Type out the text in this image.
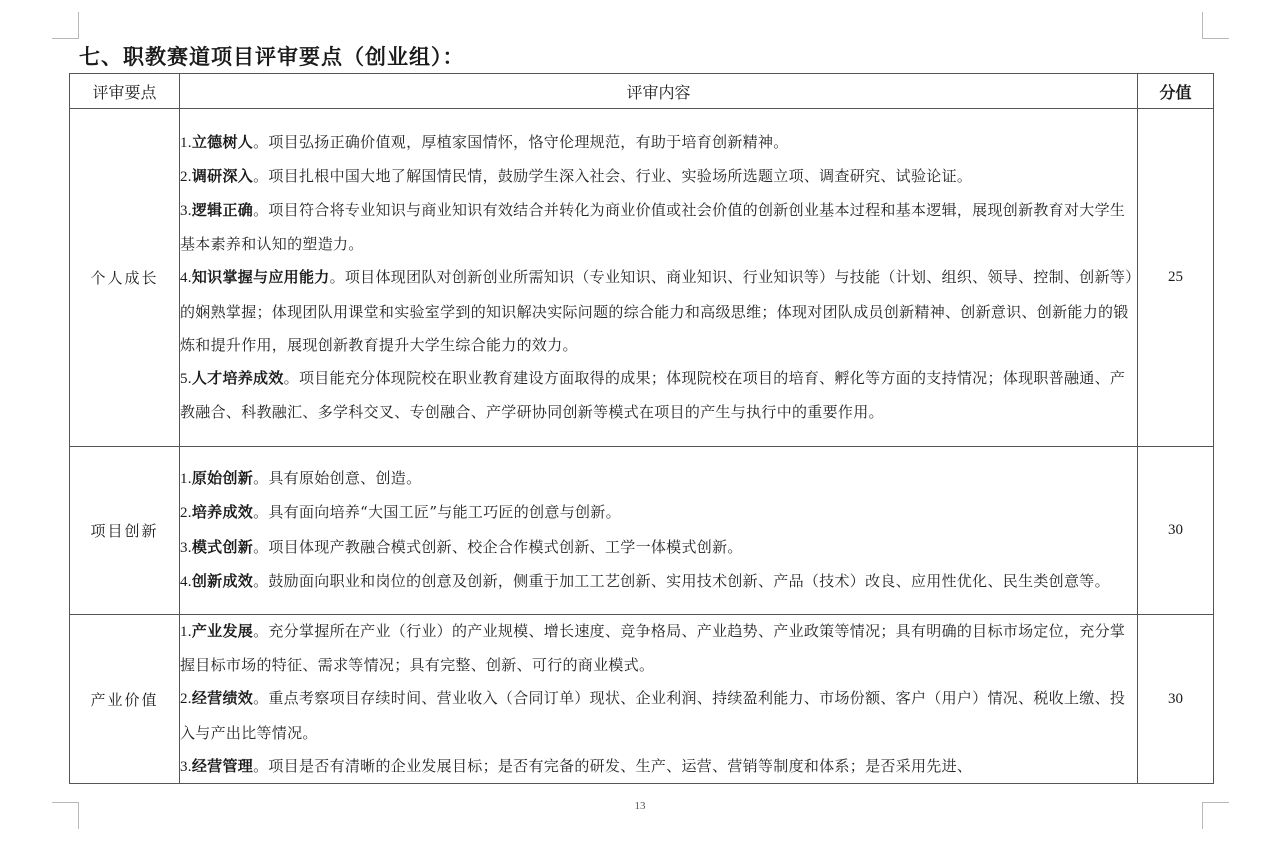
七、职教赛道项目评审要点（创业组）：
评审要点	评审内容	分值
个人成长	1.立德树人。项目弘扬正确价值观，厚植家国情怀，恪守伦理规范，有助于培育创新精神。
2.调研深入。项目扎根中国大地了解国情民情，鼓励学生深入社会、行业、实验场所选题立项、调查研究、试验论证。
3.逻辑正确。项目符合将专业知识与商业知识有效结合并转化为商业价值或社会价值的创新创业基本过程和基本逻辑，展现创新教育对大学生基本素养和认知的塑造力。
4.知识掌握与应用能力。项目体现团队对创新创业所需知识（专业知识、商业知识、行业知识等）与技能（计划、组织、领导、控制、创新等）的娴熟掌握；体现团队用课堂和实验室学到的知识解决实际问题的综合能力和高级思维；体现对团队成员创新精神、创新意识、创新能力的锻炼和提升作用，展现创新教育提升大学生综合能力的效力。
5.人才培养成效。项目能充分体现院校在职业教育建设方面取得的成果；体现院校在项目的培育、孵化等方面的支持情况；体现职普融通、产教融合、科教融汇、多学科交叉、专创融合、产学研协同创新等模式在项目的产生与执行中的重要作用。	25
项目创新	1.原始创新。具有原始创意、创造。
2.培养成效。具有面向培养“大国工匠”与能工巧匠的创意与创新。
3.模式创新。项目体现产教融合模式创新、校企合作模式创新、工学一体模式创新。
4.创新成效。鼓励面向职业和岗位的创意及创新，侧重于加工工艺创新、实用技术创新、产品（技术）改良、应用性优化、民生类创意等。	30
产业价值	1.产业发展。充分掌握所在产业（行业）的产业规模、增长速度、竞争格局、产业趋势、产业政策等情况；具有明确的目标市场定位，充分掌握目标市场的特征、需求等情况；具有完整、创新、可行的商业模式。
2.经营绩效。重点考察项目存续时间、营业收入（合同订单）现状、企业利润、持续盈利能力、市场份额、客户（用户）情况、税收上缴、投入与产出比等情况。
3.经营管理。项目是否有清晰的企业发展目标；是否有完备的研发、生产、运营、营销等制度和体系；是否采用先进、	30
13
